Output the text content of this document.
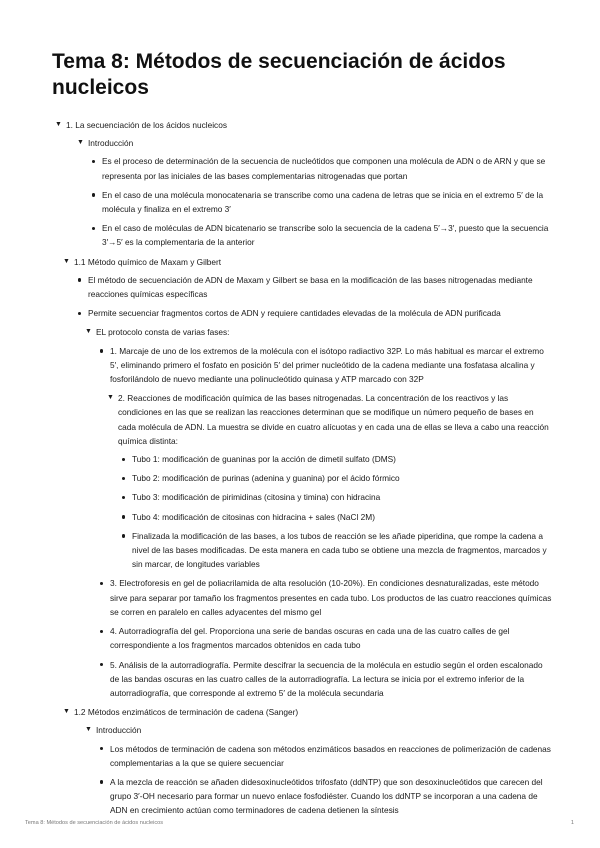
Tema 8: Métodos de secuenciación de ácidos nucleicos
▼ 1. La secuenciación de los ácidos nucleicos
▼ Introducción
Es el proceso de determinación de la secuencia de nucleótidos que componen una molécula de ADN o de ARN y que se representa por las iniciales de las bases complementarias nitrogenadas que portan
En el caso de una molécula monocatenaria se transcribe como una cadena de letras que se inicia en el extremo 5′ de la molécula y finaliza en el extremo 3′
En el caso de moléculas de ADN bicatenario se transcribe solo la secuencia de la cadena 5′→3′, puesto que la secuencia 3′→5′ es la complementaria de la anterior
▼ 1.1 Método químico de Maxam y Gilbert
El método de secuenciación de ADN de Maxam y Gilbert se basa en la modificación de las bases nitrogenadas mediante reacciones químicas específicas
Permite secuenciar fragmentos cortos de ADN y requiere cantidades elevadas de la molécula de ADN purificada
▼ EL protocolo consta de varias fases:
1. Marcaje de uno de los extremos de la molécula con el isótopo radiactivo 32P. Lo más habitual es marcar el extremo 5′, eliminando primero el fosfato en posición 5′ del primer nucleótido de la cadena mediante una fosfatasa alcalina y fosforilándolo de nuevo mediante una polinucleótido quinasa y ATP marcado con 32P
▼ 2. Reacciones de modificación química de las bases nitrogenadas. La concentración de los reactivos y las condiciones en las que se realizan las reacciones determinan que se modifique un número pequeño de bases en cada molécula de ADN. La muestra se divide en cuatro alícuotas y en cada una de ellas se lleva a cabo una reacción química distinta:
Tubo 1: modificación de guaninas por la acción de dimetil sulfato (DMS)
Tubo 2: modificación de purinas (adenina y guanina) por el ácido fórmico
Tubo 3: modificación de pirimidinas (citosina y timina) con hidracina
Tubo 4: modificación de citosinas con hidracina + sales (NaCl 2M)
Finalizada la modificación de las bases, a los tubos de reacción se les añade piperidina, que rompe la cadena a nivel de las bases modificadas. De esta manera en cada tubo se obtiene una mezcla de fragmentos, marcados y sin marcar, de longitudes variables
3. Electroforesis en gel de poliacrilamida de alta resolución (10-20%). En condiciones desnaturalizadas, este método sirve para separar por tamaño los fragmentos presentes en cada tubo. Los productos de las cuatro reacciones químicas se corren en paralelo en calles adyacentes del mismo gel
4. Autorradiografía del gel. Proporciona una serie de bandas oscuras en cada una de las cuatro calles de gel correspondiente a los fragmentos marcados obtenidos en cada tubo
5. Análisis de la autorradiografía. Permite descifrar la secuencia de la molécula en estudio según el orden escalonado de las bandas oscuras en las cuatro calles de la autorradiografía. La lectura se inicia por el extremo inferior de la autorradiografía, que corresponde al extremo 5′ de la molécula secundaria
▼ 1.2 Métodos enzimáticos de terminación de cadena (Sanger)
▼ Introducción
Los métodos de terminación de cadena son métodos enzimáticos basados en reacciones de polimerización de cadenas complementarias a la que se quiere secuenciar
A la mezcla de reacción se añaden didesoxinucleótidos trifosfato (ddNTP) que son desoxinucleótidos que carecen del grupo 3′-OH necesario para formar un nuevo enlace fosfodiéster. Cuando los ddNTP se incorporan a una cadena de ADN en crecimiento actúan como terminadores de cadena detienen la síntesis
Tema 8: Métodos de secuenciación de ácidos nucleicos	1
